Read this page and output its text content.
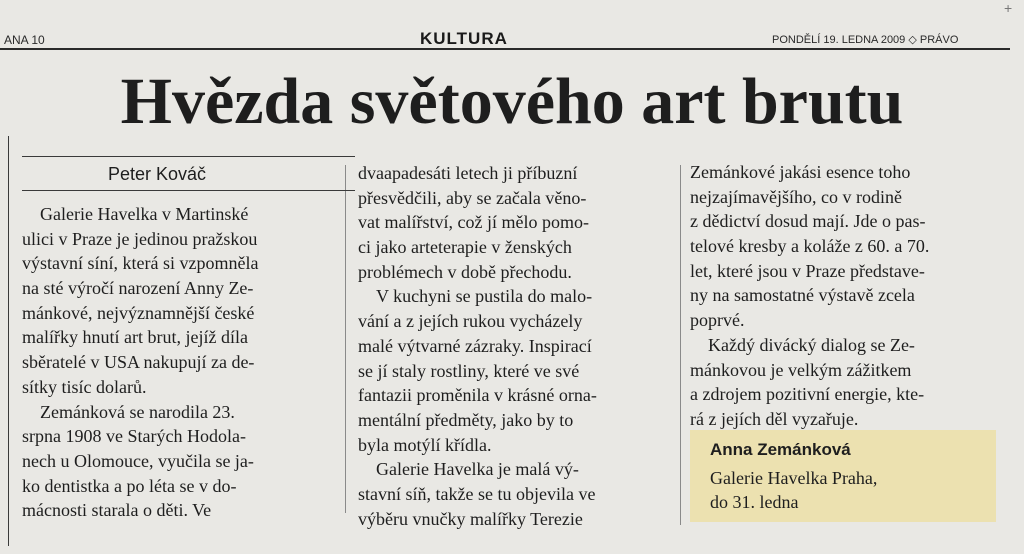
ANA 10	KULTURA	PONDĚLÍ 19. LEDNA 2009 ◇ PRÁVO
+
Hvězda světového art brutu
Peter Kováč
Galerie Havelka v Martinské
ulici v Praze je jedinou pražskou
výstavní síní, která si vzpomněla
na sté výročí narození Anny Ze-
mánkové, nejvýznamnější české
malířky hnutí art brut, jejíž díla
sběratelé v USA nakupují za de-
sítky tisíc dolarů.
Zemánková se narodila 23.
srpna 1908 ve Starých Hodola-
nech u Olomouce, vyučila se ja-
ko dentistka a po léta se v do-
mácnosti starala o děti. Ve
dvaapadesáti letech ji příbuzní
přesvědčili, aby se začala věno-
vat malířství, což jí mělo pomo-
ci jako arteterapie v ženských
problémech v době přechodu.
V kuchyni se pustila do malo-
vání a z jejích rukou vycházely
malé výtvarné zázraky. Inspirací
se jí staly rostliny, které ve své
fantazii proměnila v krásné orna-
mentální předměty, jako by to
byla motýlí křídla.
Galerie Havelka je malá vý-
stavní síň, takže se tu objevila ve
výběru vnučky malířky Terezie
Zemánkové jakási esence toho
nejzajímavějšího, co v rodině
z dědictví dosud mají. Jde o pas-
telové kresby a koláže z 60. a 70.
let, které jsou v Praze představe-
ny na samostatné výstavě zcela
poprvé.
Každý divácký dialog se Ze-
mánkovou je velkým zážitkem
a zdrojem pozitivní energie, kte-
rá z jejích děl vyzařuje.
Anna Zemánková
Galerie Havelka Praha,
do 31. ledna
